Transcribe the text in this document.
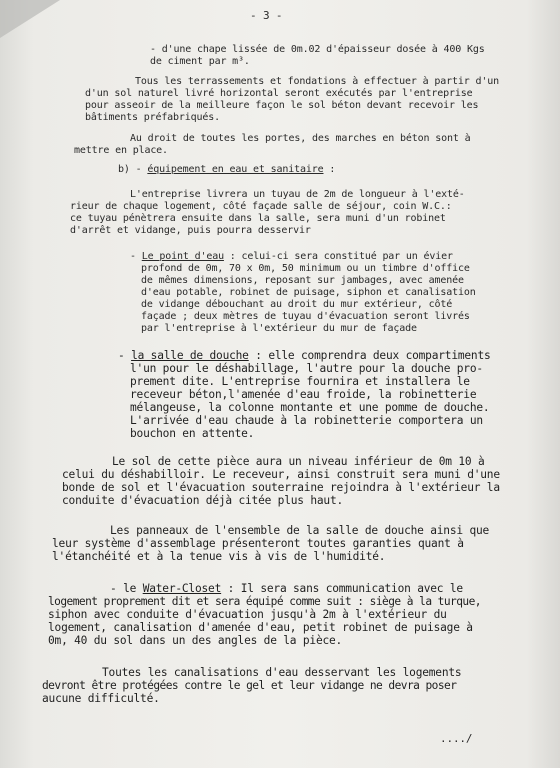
- 3 -
- d'une chape lissée de 0m.02 d'épaisseur dosée à 400 Kgs
de ciment par m³.
Tous les terrassements et fondations à effectuer à partir d'un
d'un sol naturel livré horizontal seront exécutés par l'entreprise
pour asseoir de la meilleure façon le sol béton devant recevoir les
bâtiments préfabriqués.
Au droit de toutes les portes, des marches en béton sont à
mettre en place.
b) - équipement en eau et sanitaire :
L'entreprise livrera un tuyau de 2m de longueur à l'exté-
rieur de chaque logement, côté façade salle de séjour, coin W.C.:
ce tuyau pénètrera ensuite dans la salle, sera muni d'un robinet
d'arrêt et vidange, puis pourra desservir
- Le point d'eau : celui-ci sera constitué par un évier
profond de 0m, 70 x 0m, 50 minimum ou un timbre d'office
de mêmes dimensions, reposant sur jambages, avec amenée
d'eau potable, robinet de puisage, siphon et canalisation
de vidange débouchant au droit du mur extérieur, côté
façade ; deux mètres de tuyau d'évacuation seront livrés
par l'entreprise à l'extérieur du mur de façade
- la salle de douche : elle comprendra deux compartiments
l'un pour le déshabillage, l'autre pour la douche pro-
prement dite. L'entreprise fournira et installera le
receveur béton,l'amenée d'eau froide, la robinetterie
mélangeuse, la colonne montante et une pomme de douche.
L'arrivée d'eau chaude à la robinetterie comportera un
bouchon en attente.
Le sol de cette pièce aura un niveau inférieur de 0m 10 à
celui du déshabilloir. Le receveur, ainsi construit sera muni d'une
bonde de sol et l'évacuation souterraine rejoindra à l'extérieur la
conduite d'évacuation déjà citée plus haut.
Les panneaux de l'ensemble de la salle de douche ainsi que
leur système d'assemblage présenteront toutes garanties quant à
l'étanchéité et à la tenue vis à vis de l'humidité.
- le Water-Closet : Il sera sans communication avec le
logement proprement dit et sera équipé comme suit : siège à la turque,
siphon avec conduite d'évacuation jusqu'à 2m à l'extérieur du
logement, canalisation d'amenée d'eau, petit robinet de puisage à
0m, 40 du sol dans un des angles de la pièce.
Toutes les canalisations d'eau desservant les logements
devront être protégées contre le gel et leur vidange ne devra poser
aucune difficulté.
..../
